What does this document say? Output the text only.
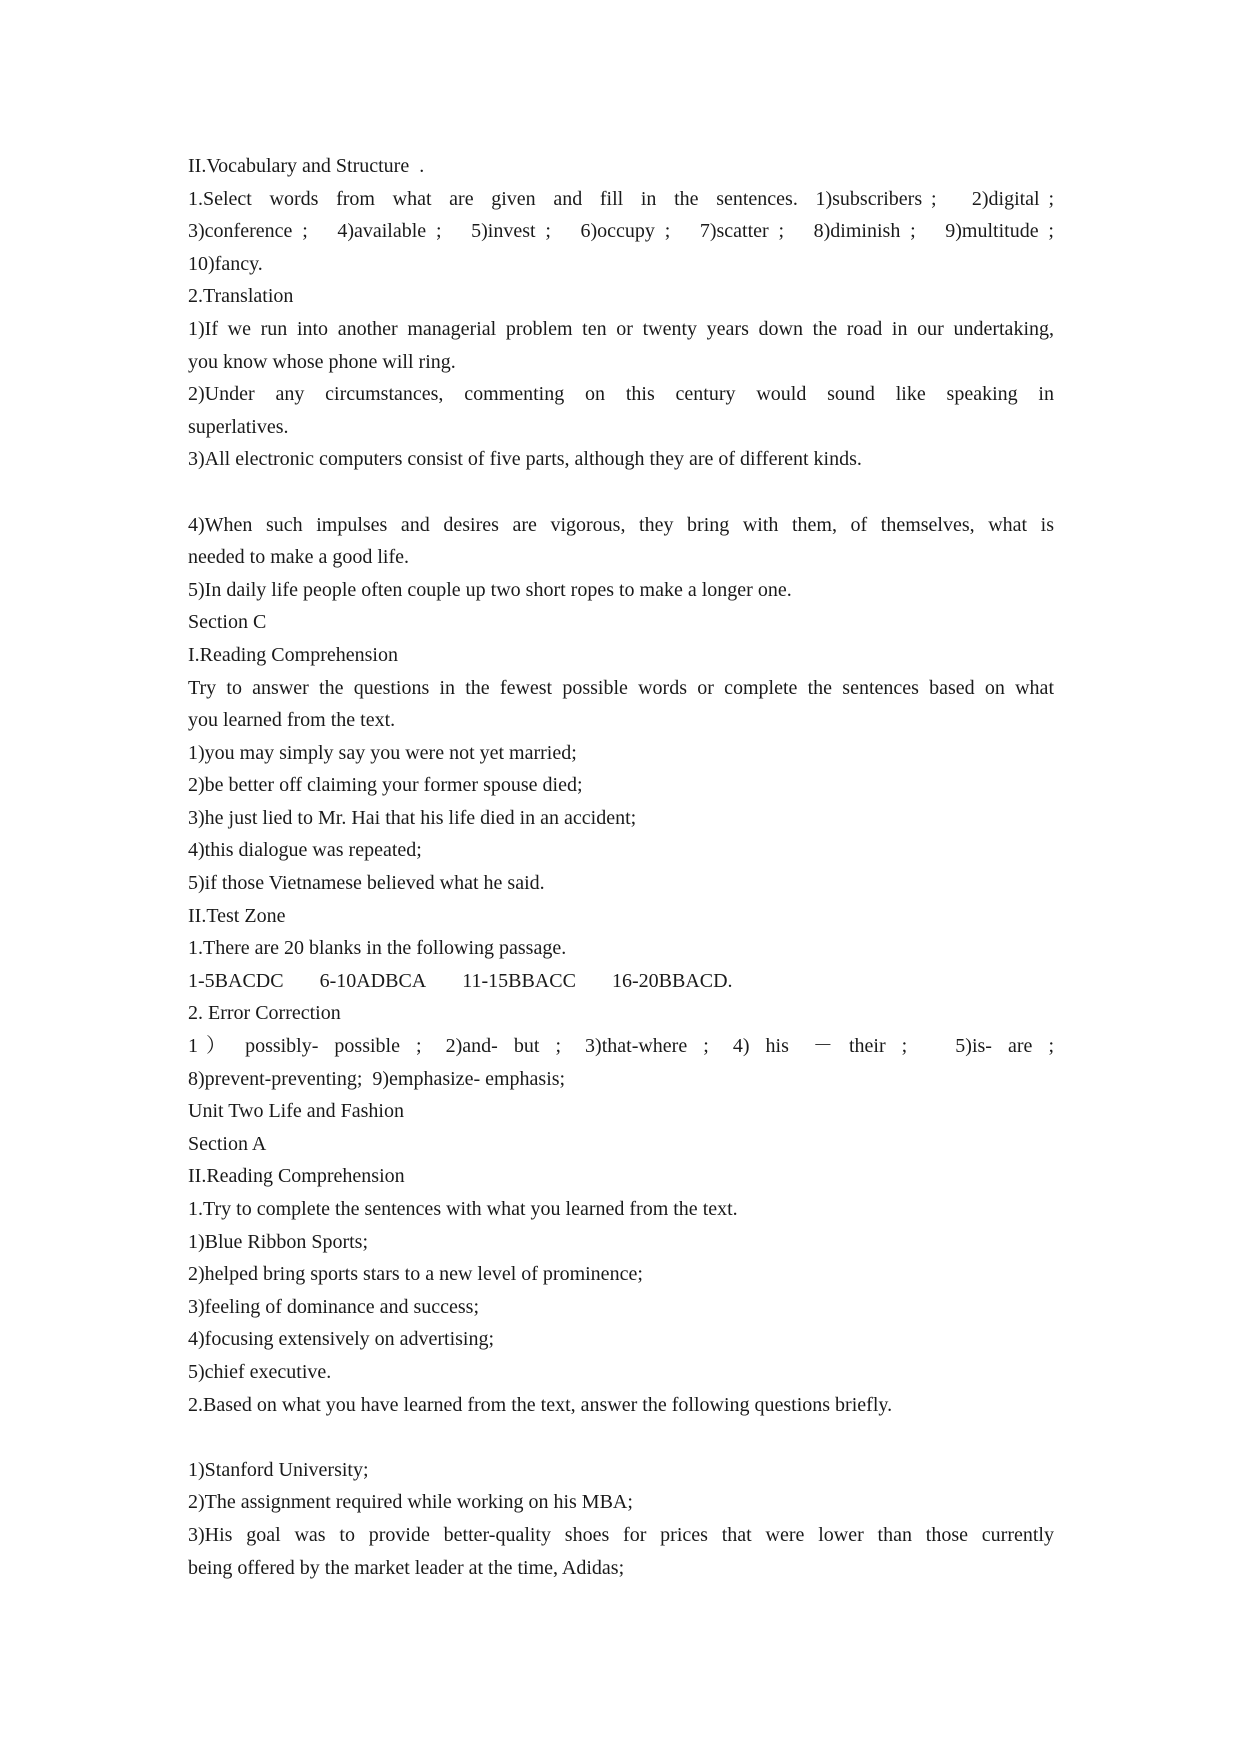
II.Vocabulary and Structure  .

1.Select  words  from  what  are  given  and  fill  in  the  sentences.  1)subscribers ;    2)digital ;

3)conference ;   4)available ;   5)invest ;   6)occupy ;   7)scatter ;   8)diminish ;   9)multitude ;

10)fancy.

2.Translation

1)If we run into another managerial problem ten or twenty years down the road in our undertaking,

you know whose phone will ring.

2)Under  any  circumstances,  commenting  on  this  century  would  sound  like  speaking  in

superlatives.

3)All electronic computers consist of five parts, although they are of different kinds.

4)When such impulses and desires are vigorous, they bring with them, of themselves, what is

needed to make a good life.

5)In daily life people often couple up two short ropes to make a longer one.

Section C

I.Reading Comprehension

Try to answer the questions in the fewest possible words or complete the sentences based on what

you learned from the text.

1)you may simply say you were not yet married;

2)be better off claiming your former spouse died;

3)he just lied to Mr. Hai that his life died in an accident;

4)this dialogue was repeated;

5)if those Vietnamese believed what he said.

II.Test Zone

1.There are 20 blanks in the following passage.

1-5BACDC 6-10ADBCA 11-15BBACC 16-20BBACD.

2. Error Correction

1 ）  possibly-  possible  ;   2)and-  but  ;   3)that-where  ;   4)  his   －  their  ;      5)is-  are  ;

8)prevent-preventing;  9)emphasize- emphasis;

Unit Two Life and Fashion

Section A

II.Reading Comprehension

1.Try to complete the sentences with what you learned from the text.

1)Blue Ribbon Sports;

2)helped bring sports stars to a new level of prominence;

3)feeling of dominance and success;

4)focusing extensively on advertising;

5)chief executive.

2.Based on what you have learned from the text, answer the following questions briefly.

1)Stanford University;

2)The assignment required while working on his MBA;

3)His goal was to provide better-quality shoes for prices that were lower than those currently

being offered by the market leader at the time, Adidas;
